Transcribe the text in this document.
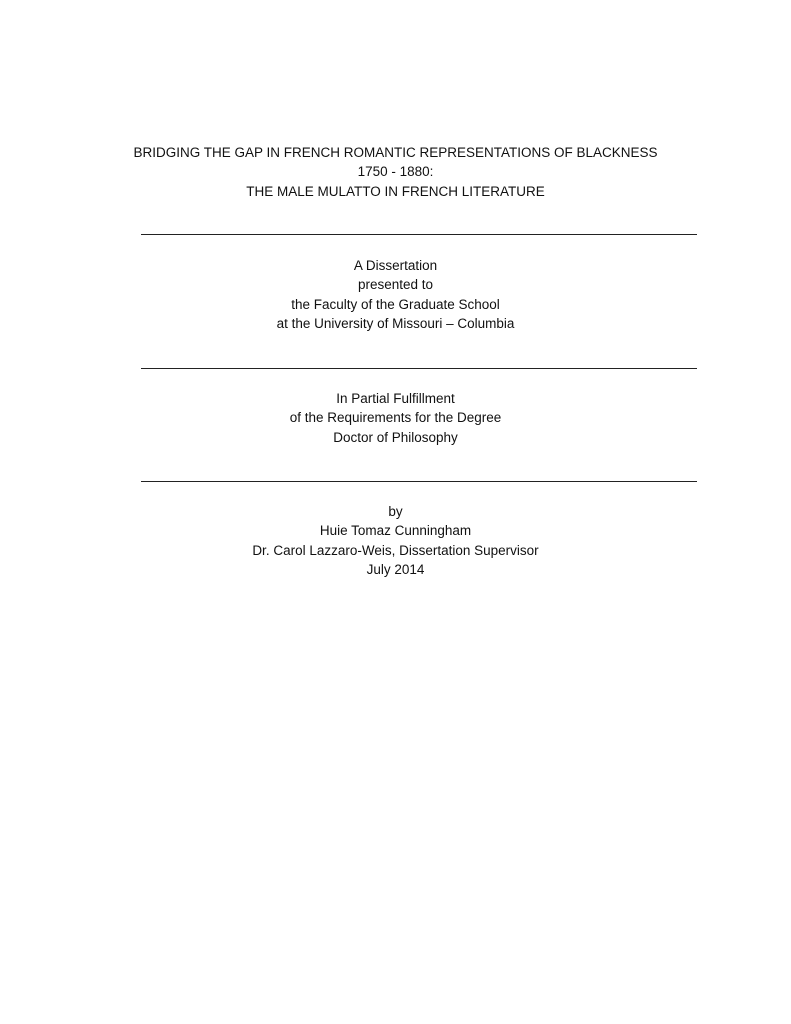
BRIDGING THE GAP IN FRENCH ROMANTIC REPRESENTATIONS OF BLACKNESS
1750 - 1880:
THE MALE MULATTO IN FRENCH LITERATURE
A Dissertation
presented to
the Faculty of the Graduate School
at the University of Missouri – Columbia
In Partial Fulfillment
of the Requirements for the Degree
Doctor of Philosophy
by
Huie Tomaz Cunningham
Dr. Carol Lazzaro-Weis, Dissertation Supervisor
July 2014
